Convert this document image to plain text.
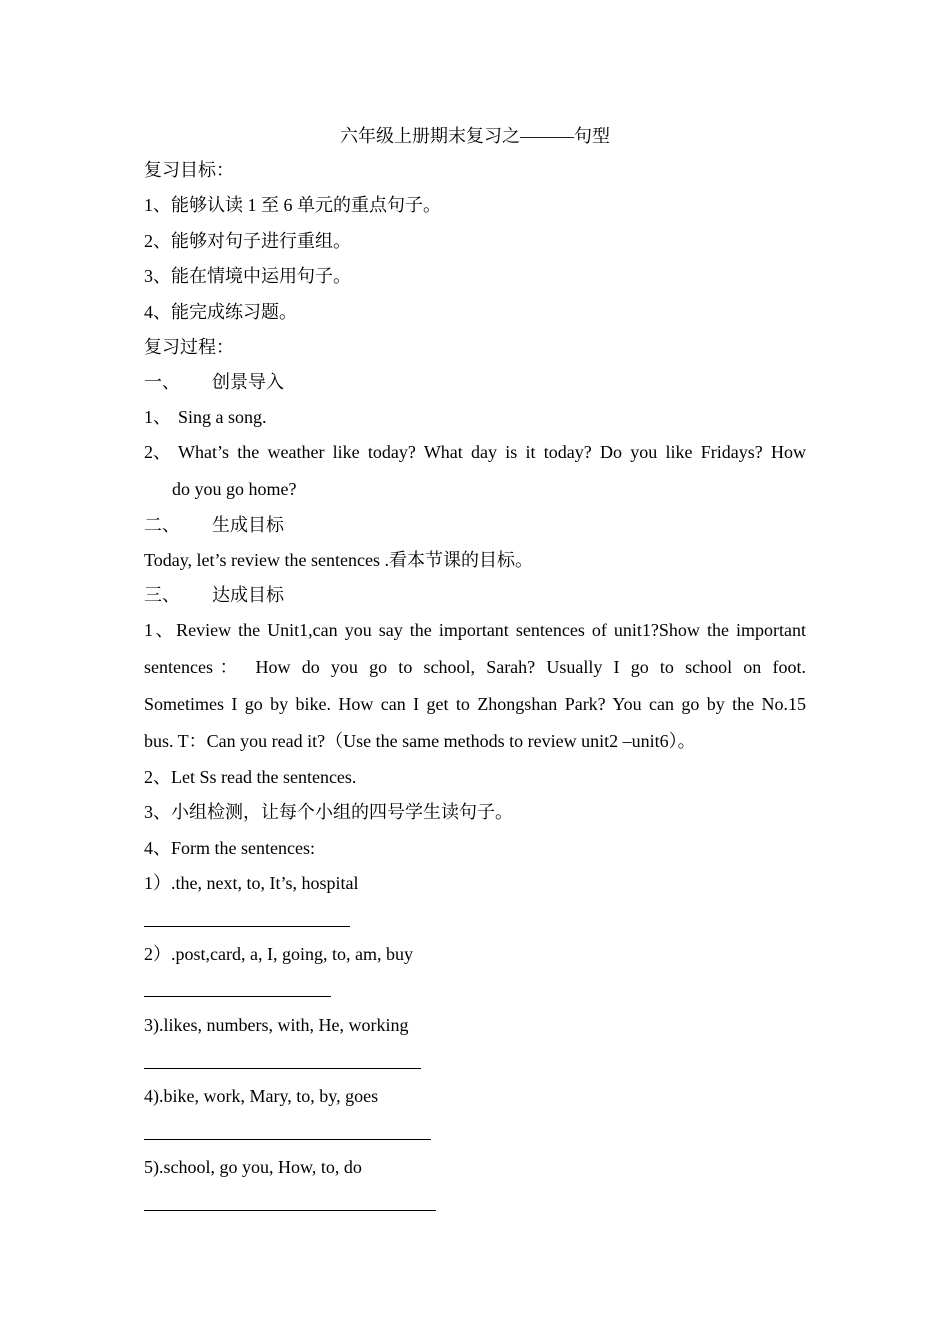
六年级上册期末复习之———句型
复习目标：
1、能够认读 1 至 6 单元的重点句子。
2、能够对句子进行重组。
3、能在情境中运用句子。
4、能完成练习题。
复习过程：
一、 创景导入
1、 Sing a song.
2、 What’s the weather like today? What day is it today? Do you like Fridays? How
do you go home?
二、 生成目标
Today, let’s review the sentences .看本节课的目标。
三、 达成目标
1、Review the Unit1,can you say the important sentences of unit1?Show the important
sentences： How do you go to school, Sarah? Usually I go to school on foot.
Sometimes I go by bike. How can I get to Zhongshan Park? You can go by the No.15
bus. T：Can you read it?（Use the same methods to review unit2 –unit6）。
2、Let Ss read the sentences.
3、小组检测，让每个小组的四号学生读句子。
4、Form the sentences:
1）.the, next, to, It’s, hospital
2）.post,card, a, I, going, to, am, buy
3).likes, numbers, with, He, working
4).bike, work, Mary, to, by, goes
5).school, go you, How, to, do
